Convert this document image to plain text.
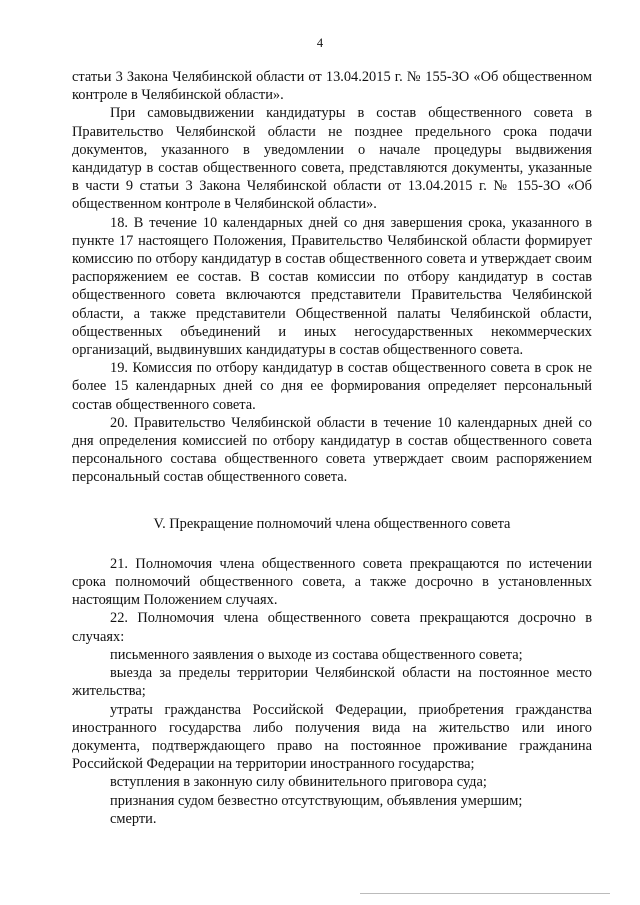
4

статьи 3 Закона Челябинской области от 13.04.2015 г. № 155-ЗО «Об общественном контроле в Челябинской области».

При самовыдвижении кандидатуры в состав общественного совета в Правительство Челябинской области не позднее предельного срока подачи документов, указанного в уведомлении о начале процедуры выдвижения кандидатур в состав общественного совета, представляются документы, указанные в части 9 статьи 3 Закона Челябинской области от 13.04.2015 г. № 155-ЗО «Об общественном контроле в Челябинской области».

18. В течение 10 календарных дней со дня завершения срока, указанного в пункте 17 настоящего Положения, Правительство Челябинской области формирует комиссию по отбору кандидатур в состав общественного совета и утверждает своим распоряжением ее состав. В состав комиссии по отбору кандидатур в состав общественного совета включаются представители Правительства Челябинской области, а также представители Общественной палаты Челябинской области, общественных объединений и иных негосударственных некоммерческих организаций, выдвинувших кандидатуры в состав общественного совета.

19. Комиссия по отбору кандидатур в состав общественного совета в срок не более 15 календарных дней со дня ее формирования определяет персональный состав общественного совета.

20. Правительство Челябинской области в течение 10 календарных дней со дня определения комиссией по отбору кандидатур в состав общественного совета персонального состава общественного совета утверждает своим распоряжением персональный состав общественного совета.

V. Прекращение полномочий члена общественного совета

21. Полномочия члена общественного совета прекращаются по истечении срока полномочий общественного совета, а также досрочно в установленных настоящим Положением случаях.

22. Полномочия члена общественного совета прекращаются досрочно в случаях:

письменного заявления о выходе из состава общественного совета;

выезда за пределы территории Челябинской области на постоянное место жительства;

утраты гражданства Российской Федерации, приобретения гражданства иностранного государства либо получения вида на жительство или иного документа, подтверждающего право на постоянное проживание гражданина Российской Федерации на территории иностранного государства;

вступления в законную силу обвинительного приговора суда;

признания судом безвестно отсутствующим, объявления умершим;

смерти.
